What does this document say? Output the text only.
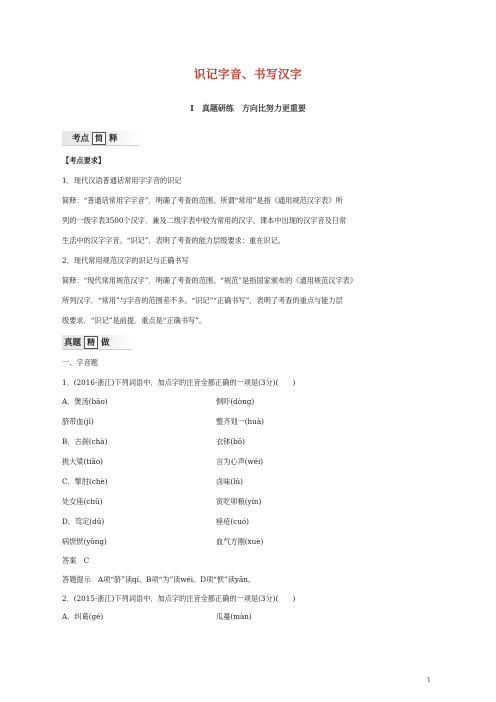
识记字音、书写汉字
Ⅰ 真题研练　方向比努力更重要
考点 简 释
【考点要求】
1．现代汉语普通话常用字字音的识记
简释：“普通话常用字字音”．明确了考查的范围。所谓“常用”是指《通用规范汉字表》所
列的一级字表3500个汉字．兼及二级字表中较为常用的汉字、课本中出现的汉字音及日常
生活中的汉字字音。“识记”．表明了考查的能力层级要求：重在识记。
2．现代常用规范汉字的识记与正确书写
简释：“现代常用规范汉字”．明确了考查的范围。“规范”是指国家颁布的《通用规范汉字表》
所列汉字．“常用”与字音的范围差不多。“识记”“正确书写”．表明了考查的重点与能力层
级要求．“识记”是前提．重点是“正确书写”。
真题 精 做
一、字音题
1．(2016·浙江)下列词语中．加点字的注音全都正确的一项是(3分)(　　)
A．煲汤(bāo)	恫吓(dòng)
脐带血(jì)	整齐划一(huà)
B．古刹(chà)	衣钵(bō)
挑大梁(tiāo)	言为心声(wéi)
C．掣肘(chè)	卤味(lǔ)
处女座(chǔ)	寅吃卯粮(yín)
D．笃定(dǔ)	痤疮(cuó)
病恹恹(yōng)	血气方刚(xuè)
答案　C
答题提示　A项“脐”读qí。B项“为”读wéi。D项“恹”读yān。
2．(2015·浙江)下列词语中．加点字的注音全都正确的一项是(3分)(　　)
A．纠葛(gé)	瓜蔓(màn)
1
